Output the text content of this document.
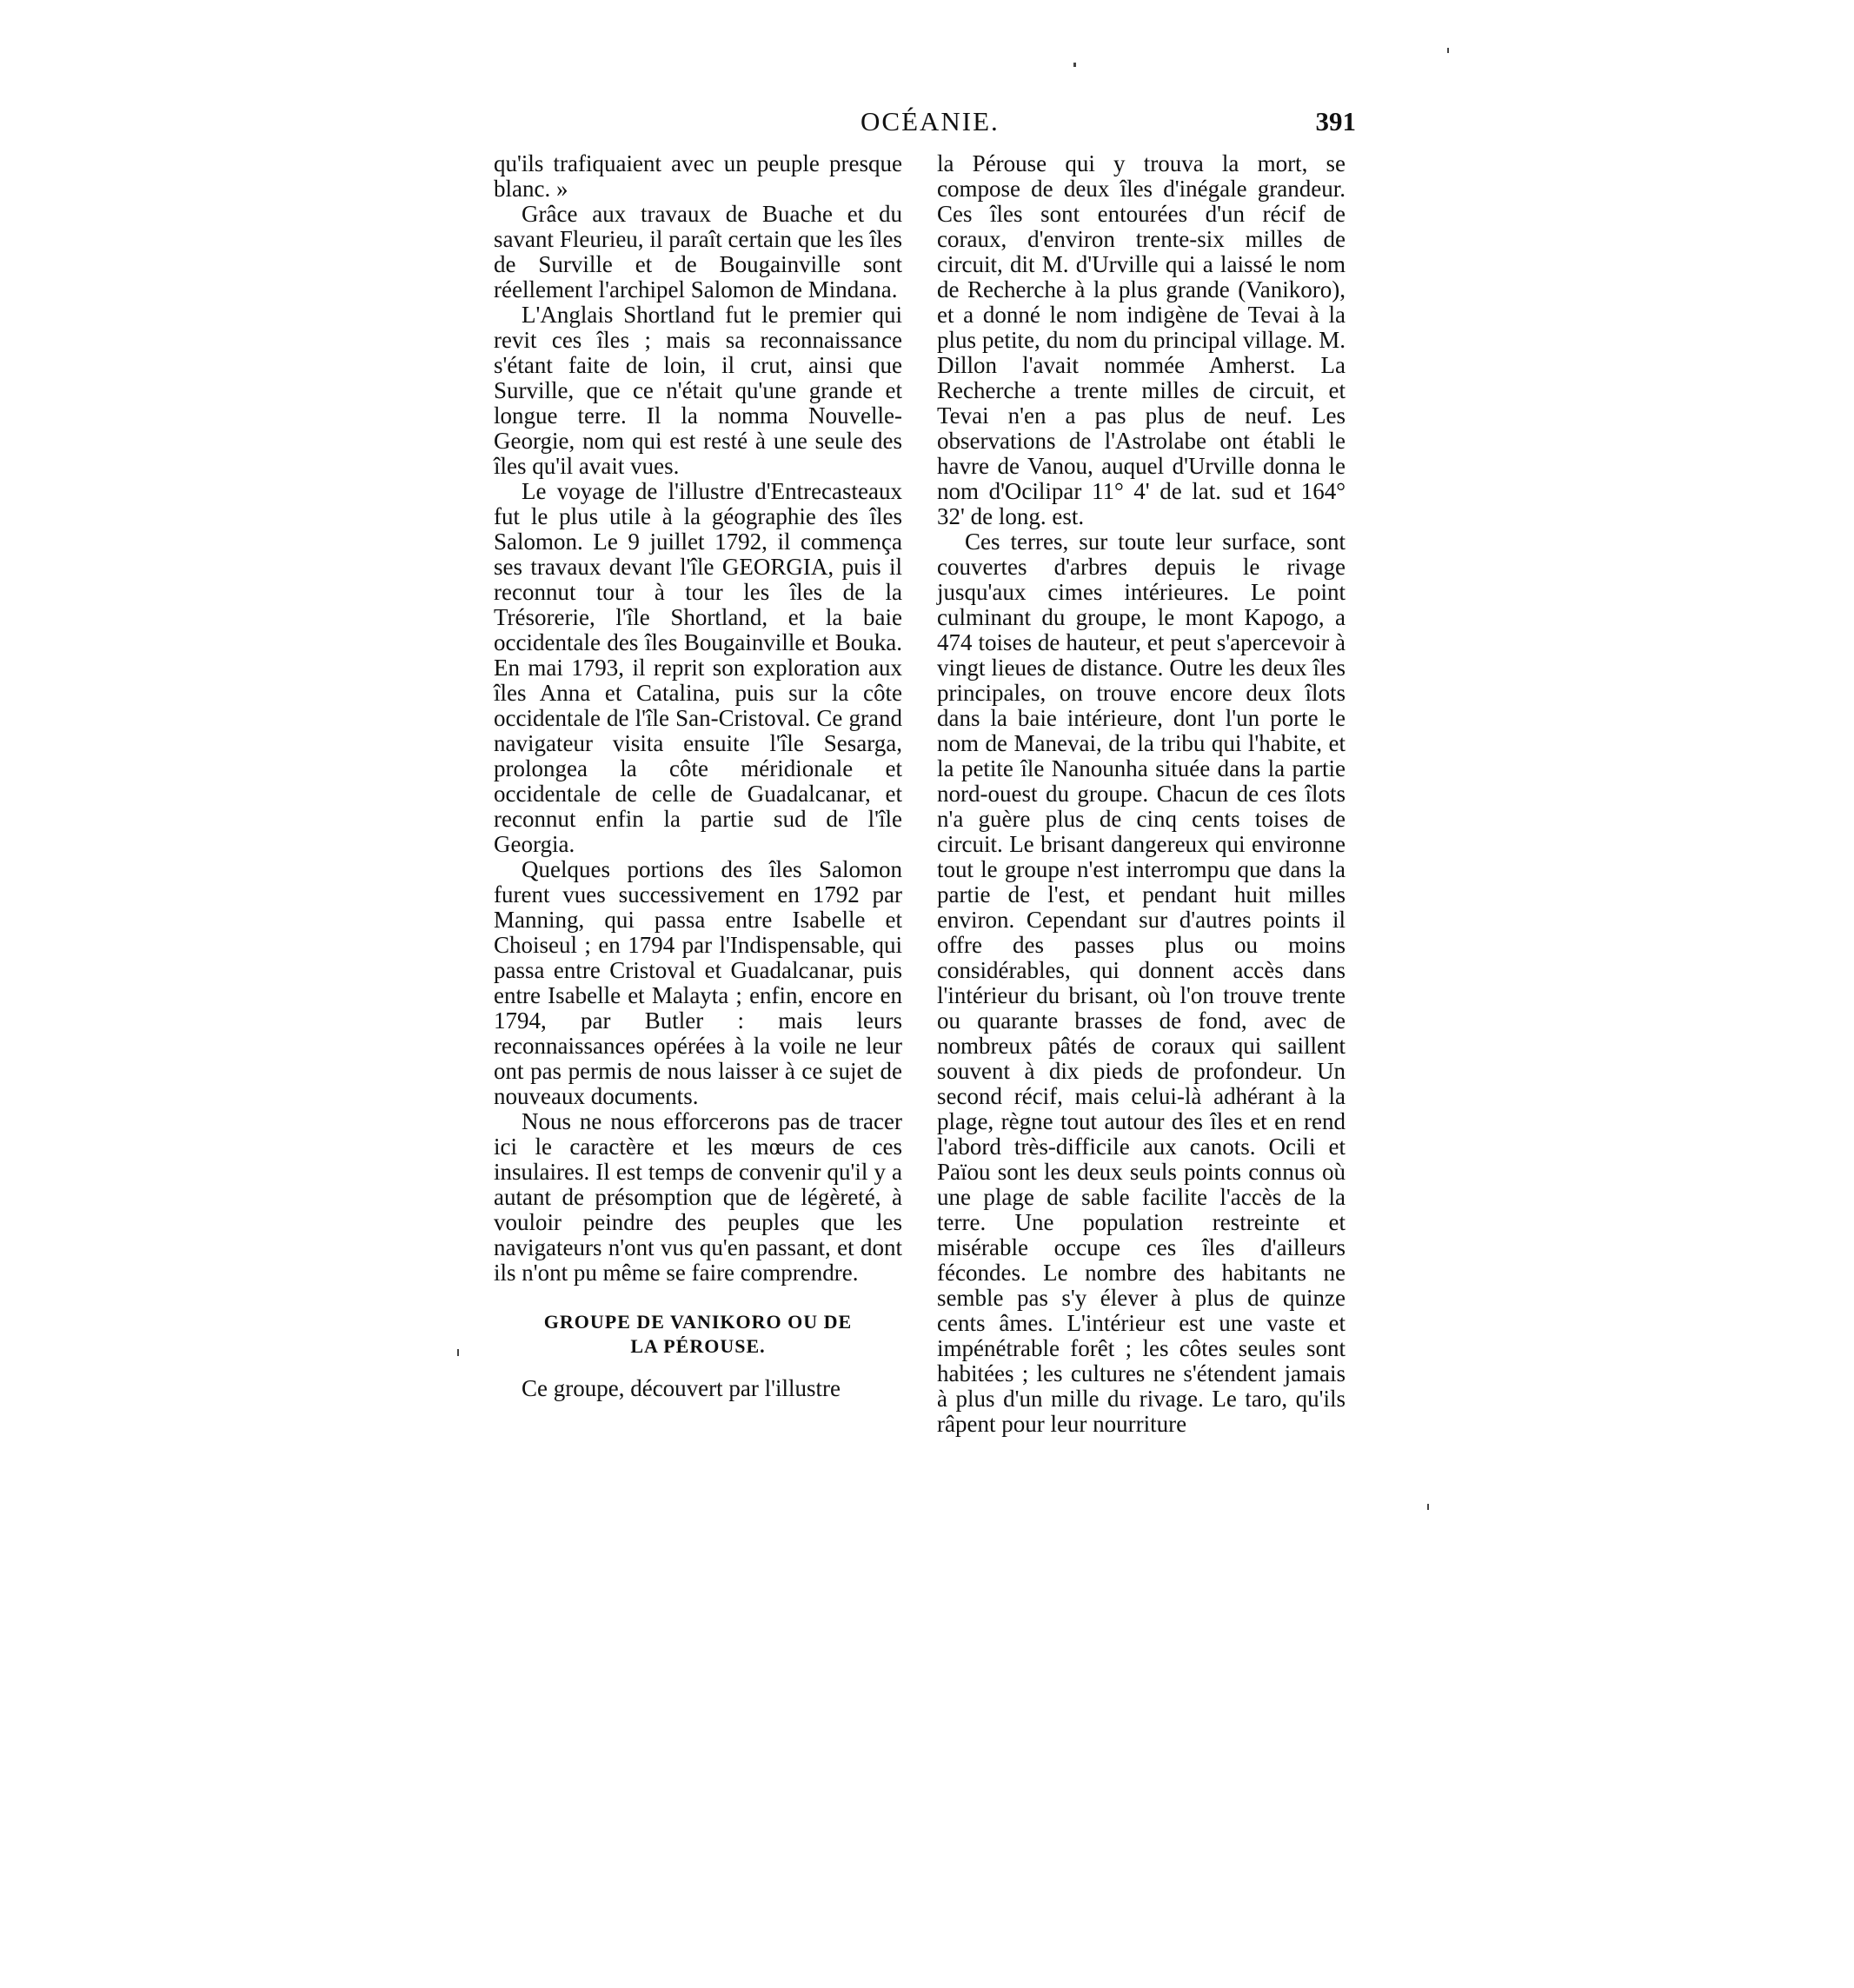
OCÉANIE.	391

qu'ils trafiquaient avec un peuple presque blanc. »

Grâce aux travaux de Buache et du savant Fleurieu, il paraît certain que les îles de Surville et de Bougainville sont réellement l'archipel Salomon de Mindana.

L'Anglais Shortland fut le premier qui revit ces îles ; mais sa reconnaissance s'étant faite de loin, il crut, ainsi que Surville, que ce n'était qu'une grande et longue terre. Il la nomma Nouvelle-Georgie, nom qui est resté à une seule des îles qu'il avait vues.

Le voyage de l'illustre d'Entrecasteaux fut le plus utile à la géographie des îles Salomon. Le 9 juillet 1792, il commença ses travaux devant l'île GEORGIA, puis il reconnut tour à tour les îles de la Trésorerie, l'île Shortland, et la baie occidentale des îles Bougainville et Bouka. En mai 1793, il reprit son exploration aux îles Anna et Catalina, puis sur la côte occidentale de l'île San-Cristoval. Ce grand navigateur visita ensuite l'île Sesarga, prolongea la côte méridionale et occidentale de celle de Guadalcanar, et reconnut enfin la partie sud de l'île Georgia.

Quelques portions des îles Salomon furent vues successivement en 1792 par Manning, qui passa entre Isabelle et Choiseul ; en 1794 par l'Indispensable, qui passa entre Cristoval et Guadalcanar, puis entre Isabelle et Malayta ; enfin, encore en 1794, par Butler : mais leurs reconnaissances opérées à la voile ne leur ont pas permis de nous laisser à ce sujet de nouveaux documents.

Nous ne nous efforcerons pas de tracer ici le caractère et les mœurs de ces insulaires. Il est temps de convenir qu'il y a autant de présomption que de légèreté, à vouloir peindre des peuples que les navigateurs n'ont vus qu'en passant, et dont ils n'ont pu même se faire comprendre.

GROUPE DE VANIKORO OU DE
LA PÉROUSE.

Ce groupe, découvert par l'illustre

la Pérouse qui y trouva la mort, se compose de deux îles d'inégale grandeur. Ces îles sont entourées d'un récif de coraux, d'environ trente-six milles de circuit, dit M. d'Urville qui a laissé le nom de Recherche à la plus grande (Vanikoro), et a donné le nom indigène de Tevai à la plus petite, du nom du principal village. M. Dillon l'avait nommée Amherst. La Recherche a trente milles de circuit, et Tevai n'en a pas plus de neuf. Les observations de l'Astrolabe ont établi le havre de Vanou, auquel d'Urville donna le nom d'Ocilipar 11° 4' de lat. sud et 164° 32' de long. est.

Ces terres, sur toute leur surface, sont couvertes d'arbres depuis le rivage jusqu'aux cimes intérieures. Le point culminant du groupe, le mont Kapogo, a 474 toises de hauteur, et peut s'apercevoir à vingt lieues de distance. Outre les deux îles principales, on trouve encore deux îlots dans la baie intérieure, dont l'un porte le nom de Manevai, de la tribu qui l'habite, et la petite île Nanounha située dans la partie nord-ouest du groupe. Chacun de ces îlots n'a guère plus de cinq cents toises de circuit. Le brisant dangereux qui environne tout le groupe n'est interrompu que dans la partie de l'est, et pendant huit milles environ. Cependant sur d'autres points il offre des passes plus ou moins considérables, qui donnent accès dans l'intérieur du brisant, où l'on trouve trente ou quarante brasses de fond, avec de nombreux pâtés de coraux qui saillent souvent à dix pieds de profondeur. Un second récif, mais celui-là adhérant à la plage, règne tout autour des îles et en rend l'abord très-difficile aux canots. Ocili et Païou sont les deux seuls points connus où une plage de sable facilite l'accès de la terre. Une population restreinte et misérable occupe ces îles d'ailleurs fécondes. Le nombre des habitants ne semble pas s'y élever à plus de quinze cents âmes. L'intérieur est une vaste et impénétrable forêt ; les côtes seules sont habitées ; les cultures ne s'étendent jamais à plus d'un mille du rivage. Le taro, qu'ils râpent pour leur nourriture
